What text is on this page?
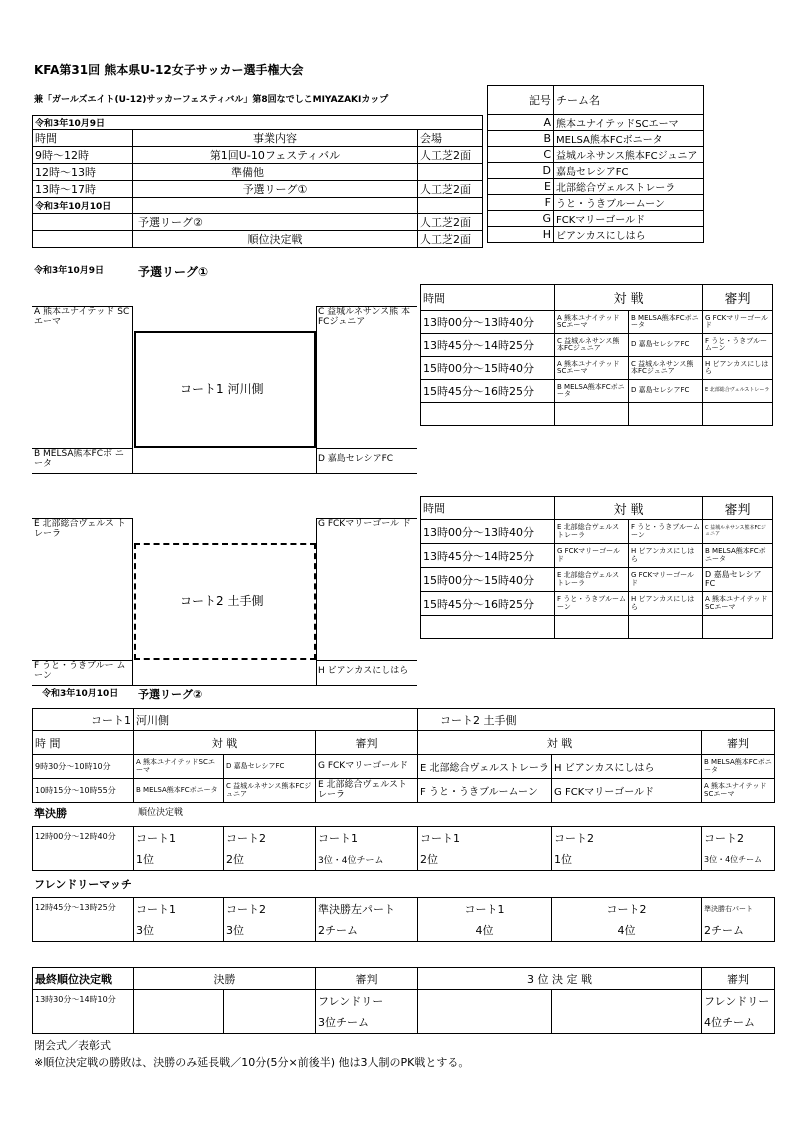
KFA第31回 熊本県U-12女子サッカー選手権大会
兼「ガールズエイト(U-12)サッカーフェスティバル」第8回なでしこMIYAZAKIカップ
令和3年10月9日		
時間	事業内容	会場
9時～12時	第1回U-10フェスティバル	人工芝2面
12時～13時	準備他	
13時～17時	予選リーグ①	人工芝2面
令和3年10月10日		
	予選リーグ②	人工芝2面
	順位決定戦	人工芝2面
記号	チーム名
A	熊本ユナイテッドSCエーマ
B	MELSA熊本FCボニータ
C	益城ルネサンス熊本FCジュニア
D	嘉島セレシアFC
E	北部総合ヴェルストレーラ
F	うと・うきブルームーン
G	FCKマリーゴールド
H	ビアンカスにしはら
令和3年10月9日	予選リーグ①
コート1 河川側
A 熊本ユナイテッド SCエーマ
C 益城ルネサンス熊 本FCジュニア
B MELSA熊本FCボ ニータ	D 嘉島セレシアFC
時間	対 戦		審判
13時00分～13時40分	A 熊本ユナイテッドSCエーマ	B MELSA熊本FCボニータ	G FCKマリーゴールド
13時45分～14時25分	C 益城ルネサンス熊本FCジュニア	D 嘉島セレシアFC	F うと・うきブルームーン
15時00分～15時40分	A 熊本ユナイテッドSCエーマ	C 益城ルネサンス熊本FCジュニア	H ビアンカスにしはら
15時45分～16時25分	B MELSA熊本FCボニータ	D 嘉島セレシアFC	E 北部総合ヴェルストレーラ

コート2 土手側
E 北部総合ヴェルス トレーラ
G FCKマリーゴール ド
F うと・うきブルー ムーン	H ビアンカスにしはら
時間	対 戦		審判
13時00分～13時40分	E 北部総合ヴェルストレーラ	F うと・うきブルームーン	C 益城ルネサンス熊本FCジュニア
13時45分～14時25分	G FCKマリーゴールド	H ビアンカスにしはら	B MELSA熊本FCボニータ
15時00分～15時40分	E 北部総合ヴェルストレーラ	G FCKマリーゴールド	D 嘉島セレシアFC
15時45分～16時25分	F うと・うきブルームーン	H ビアンカスにしはら	A 熊本ユナイテッドSCエーマ

令和3年10月10日 予選リーグ②
コート1	河川側			コート2 土手側		
時 間	対 戦		審判	対 戦		審判
9時30分～10時10分	A 熊本ユナイテッドSCエーマ	D 嘉島セレシアFC	G FCKマリーゴールド	E 北部総合ヴェルストレーラ	H ビアンカスにしはら	B MELSA熊本FCボニータ
10時15分～10時55分	B MELSA熊本FCボニータ	C 益城ルネサンス熊本FCジュニア	E 北部総合ヴェルストレーラ	F うと・うきブルームーン	G FCKマリーゴールド	A 熊本ユナイテッドSCエーマ
準決勝	順位決定戦
12時00分～12時40分	コート1	コート2	コート1	コート1	コート2	コート2
	1位	2位	3位・4位チーム	2位	1位	3位・4位チーム
フレンドリーマッチ
12時45分～13時25分	コート1	コート2	準決勝左パート	コート1	コート2	準決勝右パート
	3位	3位	2チーム	4位	4位	2チーム
最終順位決定戦	決勝		審判	3 位 決 定 戦		審判
13時30分～14時10分			フレンドリー			フレンドリー
			3位チーム			4位チーム
閉会式／表彰式
※順位決定戦の勝敗は、決勝のみ延長戦／10分(5分×前後半) 他は3人制のPK戦とする。
